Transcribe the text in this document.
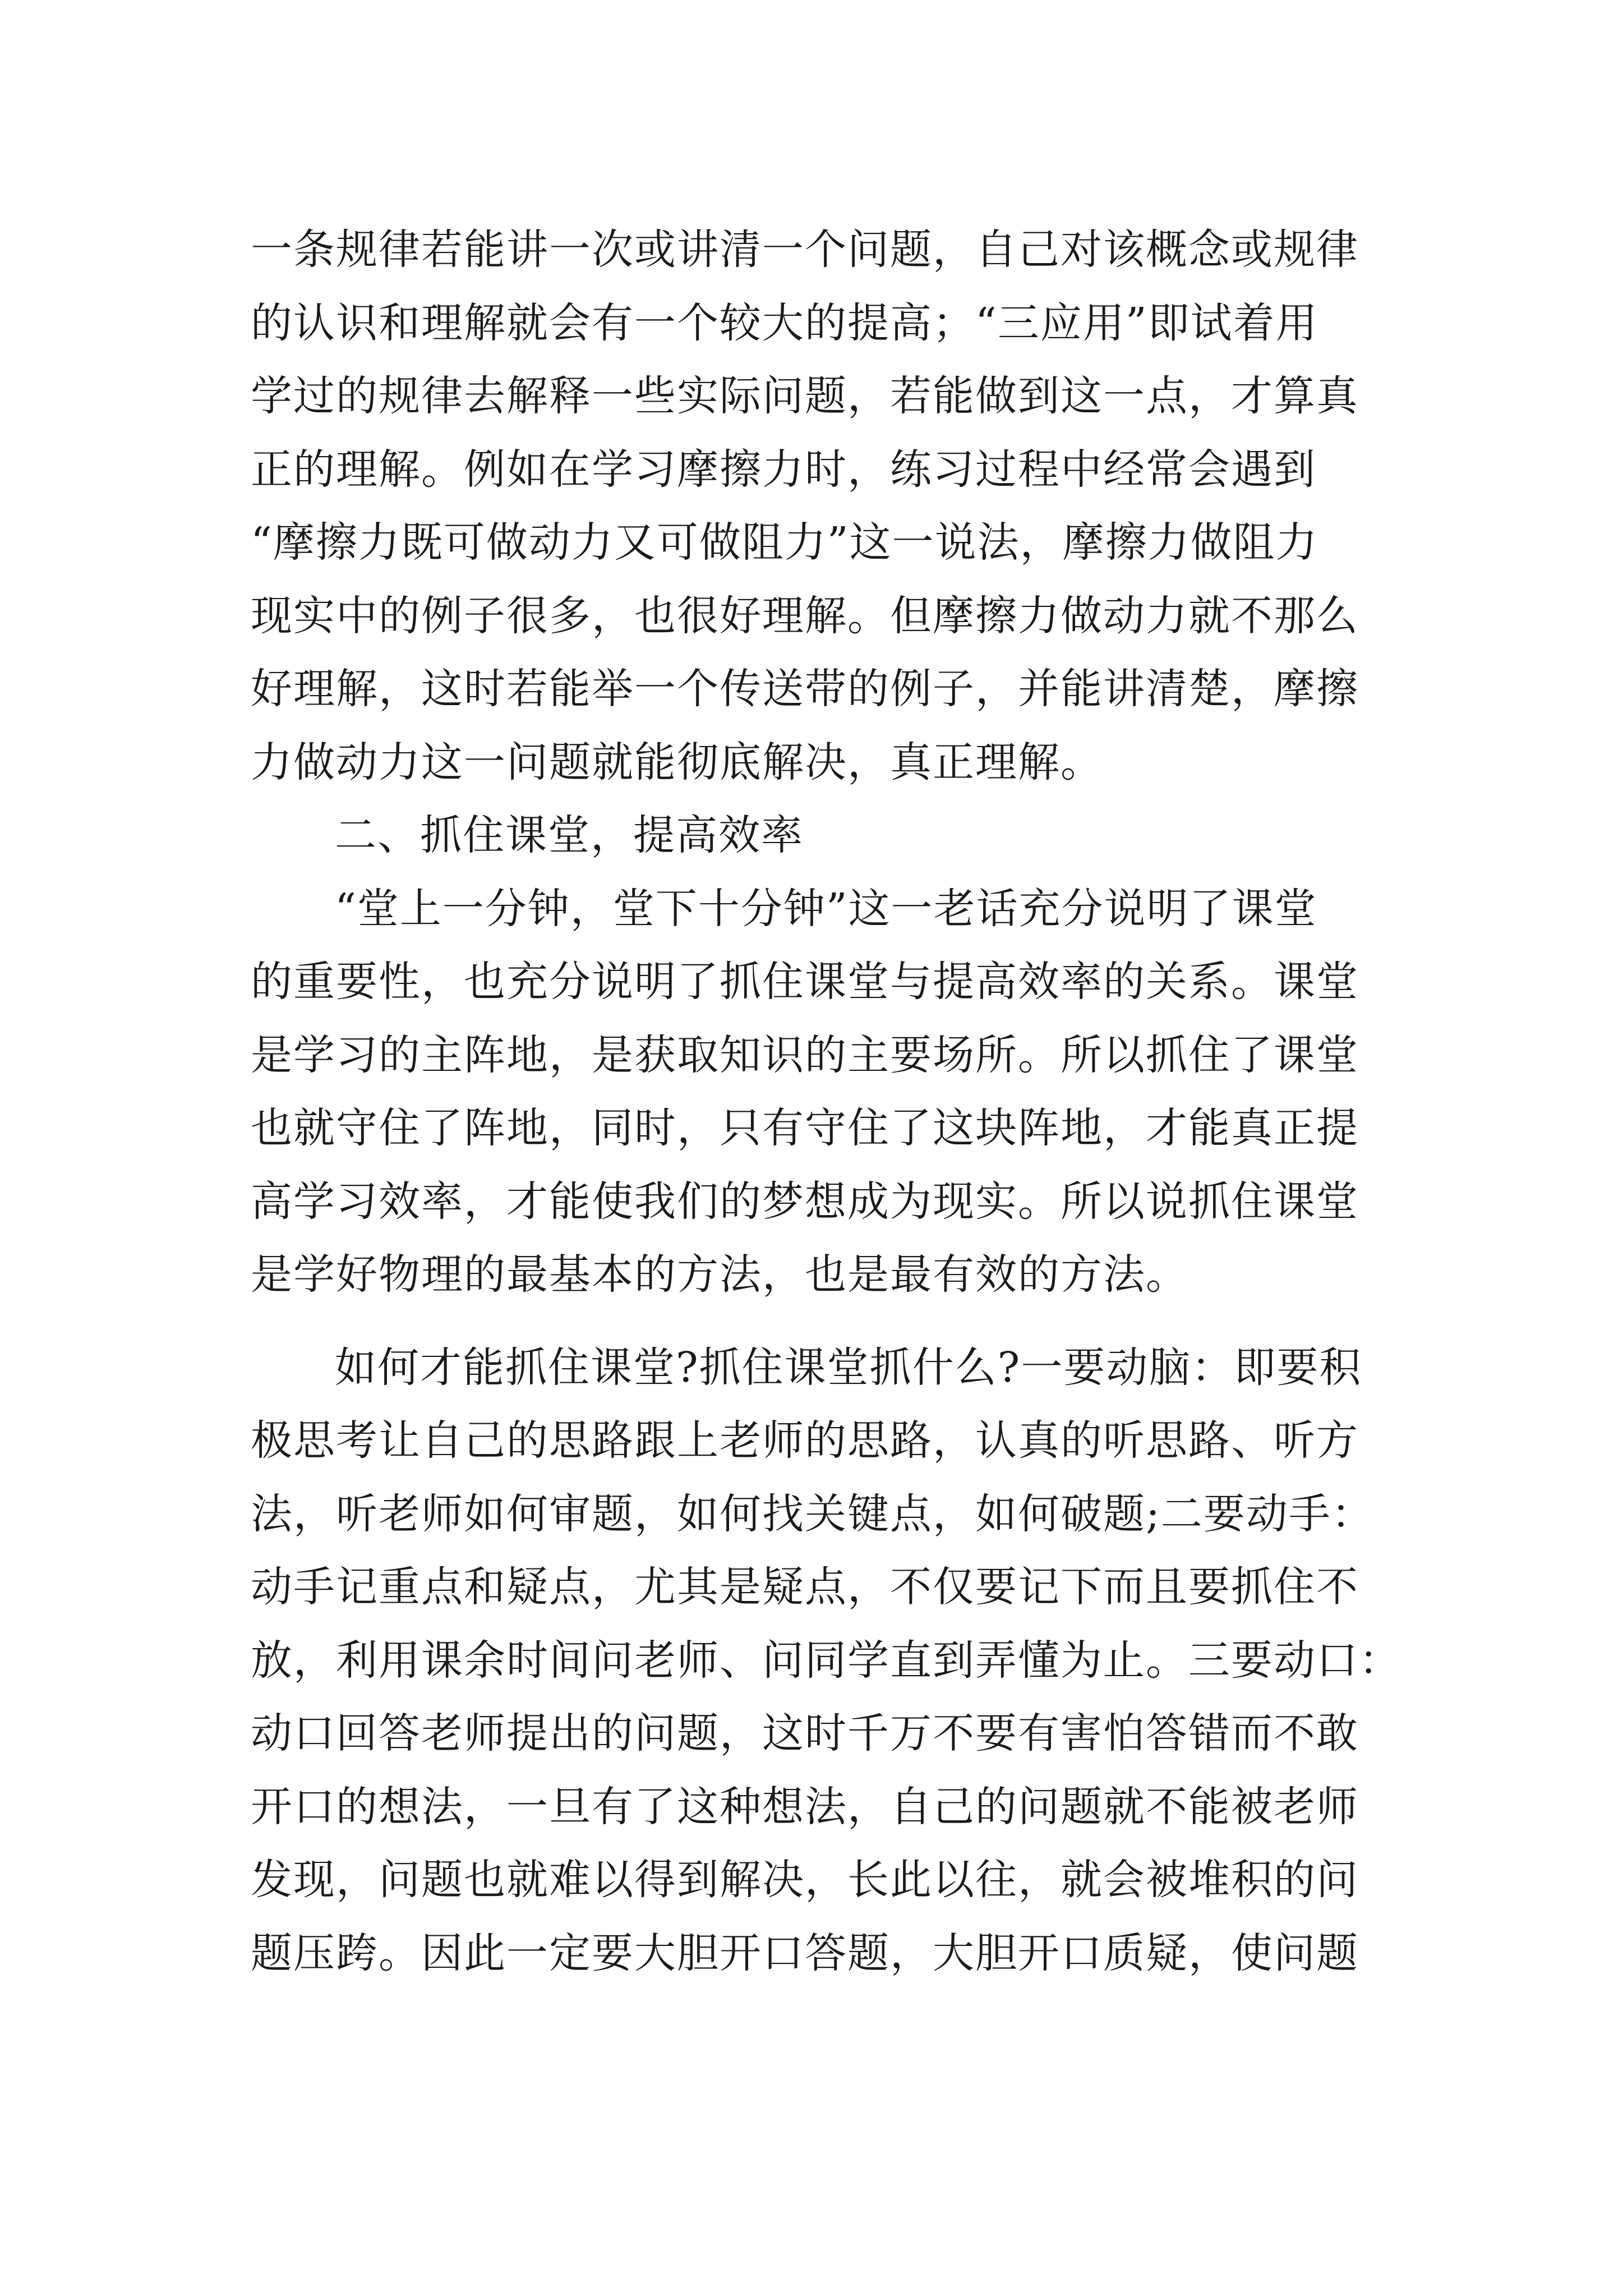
一条规律若能讲一次或讲清一个问题，自己对该概念或规律
的认识和理解就会有一个较大的提高；“三应用”即试着用
学过的规律去解释一些实际问题，若能做到这一点，才算真
正的理解。例如在学习摩擦力时，练习过程中经常会遇到
“摩擦力既可做动力又可做阻力”这一说法，摩擦力做阻力
现实中的例子很多，也很好理解。但摩擦力做动力就不那么
好理解，这时若能举一个传送带的例子，并能讲清楚，摩擦
力做动力这一问题就能彻底解决，真正理解。
二、抓住课堂，提高效率
“堂上一分钟，堂下十分钟”这一老话充分说明了课堂
的重要性，也充分说明了抓住课堂与提高效率的关系。课堂
是学习的主阵地，是获取知识的主要场所。所以抓住了课堂
也就守住了阵地，同时，只有守住了这块阵地，才能真正提
高学习效率，才能使我们的梦想成为现实。所以说抓住课堂
是学好物理的最基本的方法，也是最有效的方法。
如何才能抓住课堂?抓住课堂抓什么?一要动脑：即要积
极思考让自己的思路跟上老师的思路，认真的听思路、听方
法，听老师如何审题，如何找关键点，如何破题;二要动手：
动手记重点和疑点，尤其是疑点，不仅要记下而且要抓住不
放，利用课余时间问老师、问同学直到弄懂为止。三要动口：
动口回答老师提出的问题，这时千万不要有害怕答错而不敢
开口的想法，一旦有了这种想法，自己的问题就不能被老师
发现，问题也就难以得到解决，长此以往，就会被堆积的问
题压跨。因此一定要大胆开口答题，大胆开口质疑，使问题
